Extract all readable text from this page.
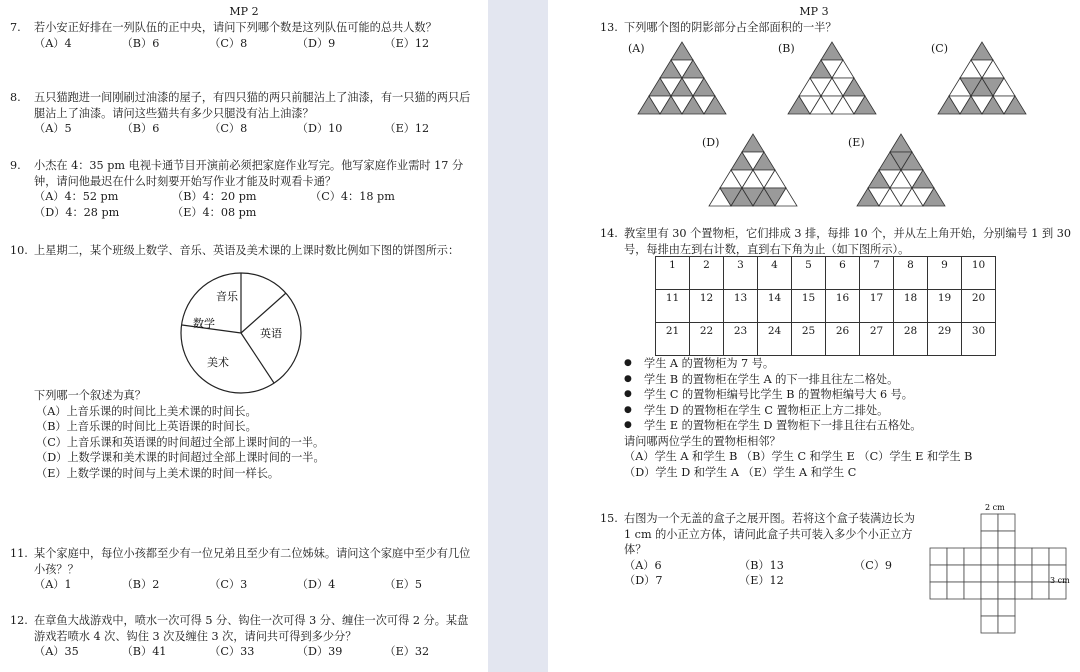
MP 2
7. 若小安正好排在一列队伍的正中央，请问下列哪个数是这列队伍可能的总共人数？
（A）4	（B）6	（C）8	（D）9	（E）12
8. 五只猫跑进一间刚刷过油漆的屋子，有四只猫的两只前腿沾上了油漆，有一只猫的两只后腿沾上了油漆。请问这些猫共有多少只腿没有沾上油漆？
（A）5	（B）6	（C）8	（D）10	（E）12
9. 小杰在 4：35 pm 电视卡通节目开演前必须把家庭作业写完。他写家庭作业需时 17 分钟，请问他最迟在什么时刻要开始写作业才能及时观看卡通？
（A）4：52 pm	（B）4：20 pm	（C）4：18 pm
（D）4：28 pm	（E）4：08 pm
10. 上星期二，某个班级上数学、音乐、英语及美术课的上课时数比例如下图的饼图所示：
音乐
数学
英语
美术
下列哪一个叙述为真？
（A）上音乐课的时间比上美术课的时间长。
（B）上音乐课的时间比上英语课的时间长。
（C）上音乐课和英语课的时间超过全部上课时间的一半。
（D）上数学课和美术课的时间超过全部上课时间的一半。
（E）上数学课的时间与上美术课的时间一样长。
11. 某个家庭中，每位小孩都至少有一位兄弟且至少有二位姊妹。请问这个家庭中至少有几位小孩？？
（A）1	（B）2	（C）3	（D）4	（E）5
12. 在章鱼大战游戏中，喷水一次可得 5 分、钩住一次可得 3 分、缠住一次可得 2 分。某盘游戏若喷水 4 次、钩住 3 次及缠住 3 次，请问共可得到多少分？
（A）35	（B）41	（C）33	（D）39	（E）32
MP 3
13. 下列哪个图的阴影部分占全部面积的一半？
(A)	(B)	(C)
(D)	(E)
14. 教室里有 30 个置物柜，它们排成 3 排，每排 10 个，并从左上角开始，分别编号 1 到 30 号，每排由左到右计数，直到右下角为止（如下图所示）。
1	2	3	4	5	6	7	8	9	10
11	12	13	14	15	16	17	18	19	20
21	22	23	24	25	26	27	28	29	30
● 学生 A 的置物柜为 7 号。
● 学生 B 的置物柜在学生 A 的下一排且往左二格处。
● 学生 C 的置物柜编号比学生 B 的置物柜编号大 6 号。
● 学生 D 的置物柜在学生 C 置物柜正上方二排处。
● 学生 E 的置物柜在学生 D 置物柜下一排且往右五格处。
请问哪两位学生的置物柜相邻？
（A）学生 A 和学生 B （B）学生 C 和学生 E （C）学生 E 和学生 B
（D）学生 D 和学生 A （E）学生 A 和学生 C
15. 右图为一个无盖的盒子之展开图。若将这个盒子装满边长为 1 cm 的小正立方体，请问此盒子共可装入多少个小正立方体？
（A）6	（B）13	（C）9
（D）7	（E）12
2 cm
3 cm
